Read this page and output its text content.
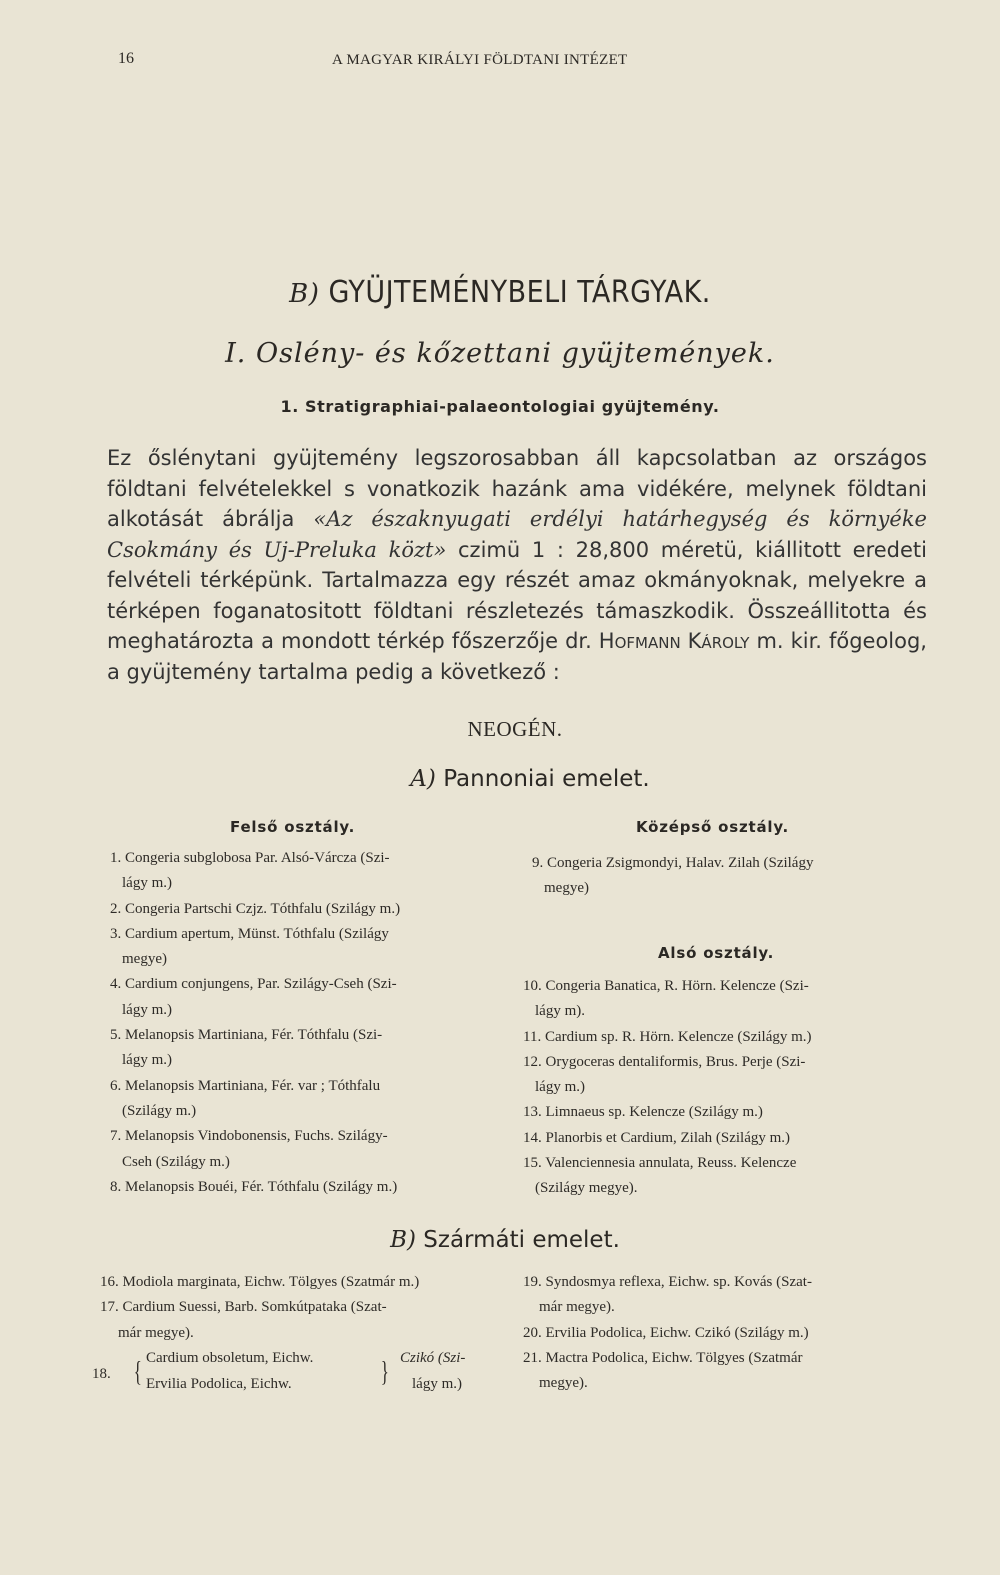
16	A MAGYAR KIRÁLYI FÖLDTANI INTÉZET
B) GYÜJTEMÉNYBELI TÁRGYAK.
I. Oslény- és kőzettani gyüjtemények.
1. Stratigraphiai-palaeontologiai gyüjtemény.
Ez őslénytani gyüjtemény legszorosabban áll kapcsolatban az országos földtani felvételekkel s vonatkozik hazánk ama vidékére, melynek földtani alkotását ábrálja «Az északnyugati erdélyi határhegység és környéke Csokmány és Uj-Preluka közt» czimü 1 : 28,800 méretü, kiállitott eredeti felvételi térképünk. Tartalmazza egy részét amaz okmányoknak, melyekre a térképen foganatositott földtani részletezés támaszkodik. Összeállitotta és meghatározta a mondott térkép főszerzője dr. Hofmann Károly m. kir. főgeolog, a gyüjtemény tartalma pedig a következő :
NEOGÉN.
A) Pannoniai emelet.
Felső osztály.	Középső osztály.
1. Congeria subglobosa Par. Alsó-Várcza (Szi-
lágy m.)
2. Congeria Partschi Czjz. Tóthfalu (Szilágy m.)
3. Cardium apertum, Münst. Tóthfalu (Szilágy
megye)
4. Cardium conjungens, Par. Szilágy-Cseh (Szi-
lágy m.)
5. Melanopsis Martiniana, Fér. Tóthfalu (Szi-
lágy m.)
6. Melanopsis Martiniana, Fér. var ; Tóthfalu
(Szilágy m.)
7. Melanopsis Vindobonensis, Fuchs. Szilágy-
Cseh (Szilágy m.)
8. Melanopsis Bouéi, Fér. Tóthfalu (Szilágy m.)
9. Congeria Zsigmondyi, Halav. Zilah (Szilágy
megye)
Alsó osztály.
10. Congeria Banatica, R. Hörn. Kelencze (Szi-
lágy m).
11. Cardium sp. R. Hörn. Kelencze (Szilágy m.)
12. Orygoceras dentaliformis, Brus. Perje (Szi-
lágy m.)
13. Limnaeus sp. Kelencze (Szilágy m.)
14. Planorbis et Cardium, Zilah (Szilágy m.)
15. Valenciennesia annulata, Reuss. Kelencze
(Szilágy megye).
B) Szármáti emelet.
16. Modiola marginata, Eichw. Tölgyes (Szatmár m.)
17. Cardium Suessi, Barb. Somkútpataka (Szat-
már megye).
18. { Cardium obsoletum, Eichw.
Ervilia Podolica, Eichw.	} Czikó (Szi-
lágy m.)
19. Syndosmya reflexa, Eichw. sp. Kovás (Szat-
már megye).
20. Ervilia Podolica, Eichw. Czikó (Szilágy m.)
21. Mactra Podolica, Eichw. Tölgyes (Szatmár
megye).
